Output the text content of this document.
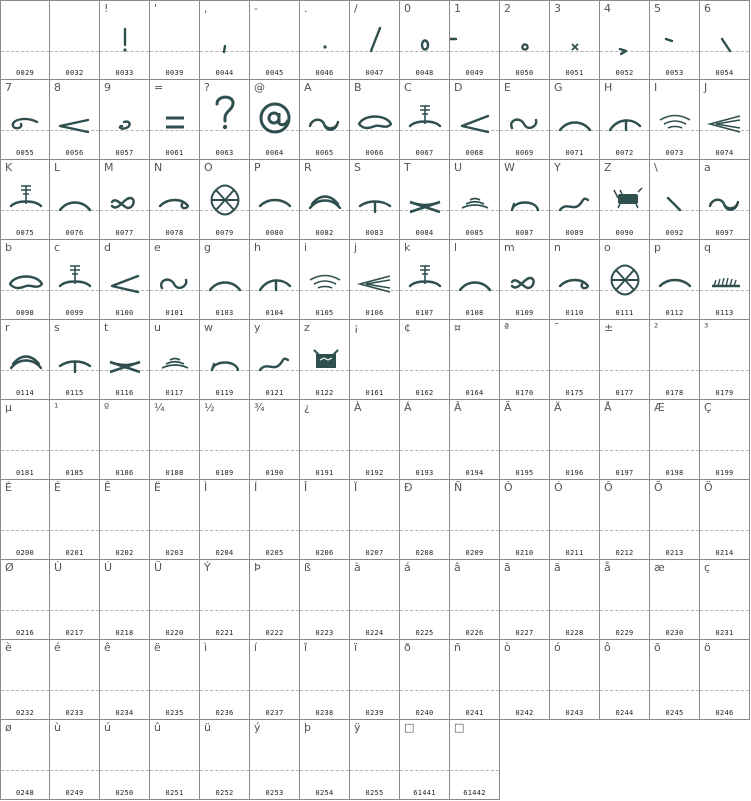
0029	0032
!
0033
'
0039
,
0044
-
0045
.
0046
/
0047
0
0048
1
0049
2
0050
3
0051
4
0052
5
0053
6
0054
7
0055
8
0056
9
0057
=
0061
?
0063
@
0064
A
0065
B
0066
C
0067
D
0068
E
0069
G
0071
H
0072
I
0073
J
0074
K
0075
L
0076
M
0077
N
0078
O
0079
P
0080
R
0082
S
0083
T
0084
U
0085
W
0087
Y
0089
Z
0090
\
0092
a
0097
b
0098
c
0099
d
0100
e
0101
g
0103
h
0104
i
0105
j
0106
k
0107
l
0108
m
0109
n
0110
o
0111
p
0112
q
0113
r
0114
s
0115
t
0116
u
0117
w
0119
y
0121
z
0122
¡
0161
¢
0162
¤
0164
ª
0170
¯
0175
±
0177
²
0178
³
0179
µ
0181
¹
0185
º
0186
¼
0188
½
0189
¾
0190
¿
0191
À
0192
Á
0193
Â
0194
Ã
0195
Ä
0196
Å
0197
Æ
0198
Ç
0199
È
0200
É
0201
Ê
0202
Ë
0203
Ì
0204
Í
0205
Î
0206
Ï
0207
Ð
0208
Ñ
0209
Ò
0210
Ó
0211
Ô
0212
Õ
0213
Ö
0214
Ø
0216
Ù
0217
Ú
0218
Ü
0220
Ý
0221
Þ
0222
ß
0223
à
0224
á
0225
â
0226
ã
0227
ä
0228
å
0229
æ
0230
ç
0231
è
0232
é
0233
ê
0234
ë
0235
ì
0236
í
0237
î
0238
ï
0239
ð
0240
ñ
0241
ò
0242
ó
0243
ô
0244
õ
0245
ö
0246
ø
0248
ù
0249
ú
0250
û
0251
ü
0252
ý
0253
þ
0254
ÿ
0255
□
61441
□
61442
